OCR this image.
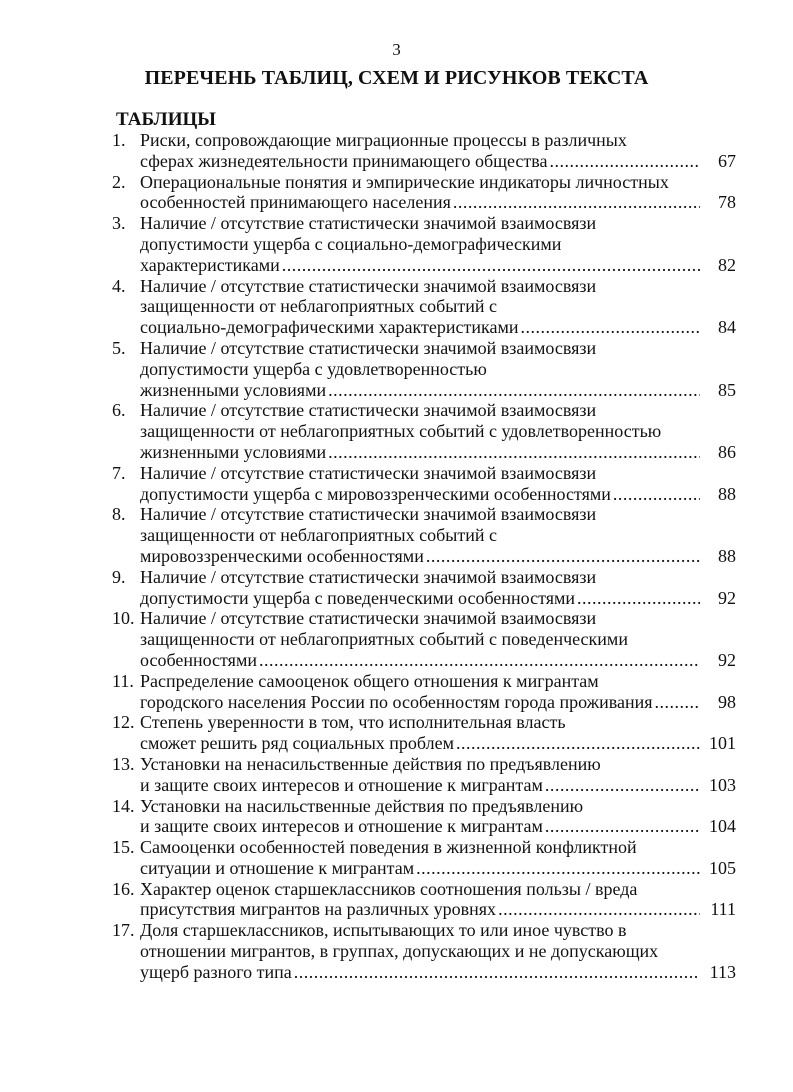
3
ПЕРЕЧЕНЬ ТАБЛИЦ, СХЕМ И РИСУНКОВ ТЕКСТА
ТАБЛИЦЫ
1. Риски, сопровождающие миграционные процессы в различных
сферах жизнедеятельности принимающего общества .....	67
2. Операциональные понятия и эмпирические индикаторы личностных
особенностей принимающего населения .....	78
3. Наличие / отсутствие статистически значимой взаимосвязи
допустимости ущерба с социально-демографическими
характеристиками .....	82
4. Наличие / отсутствие статистически значимой взаимосвязи
защищенности от неблагоприятных событий с
социально-демографическими характеристиками .....	84
5. Наличие / отсутствие статистически значимой взаимосвязи
допустимости ущерба с удовлетворенностью
жизненными условиями .....	85
6. Наличие / отсутствие статистически значимой взаимосвязи
защищенности от неблагоприятных событий с удовлетворенностью
жизненными условиями .....	86
7. Наличие / отсутствие статистически значимой взаимосвязи
допустимости ущерба с мировоззренческими особенностями .....	88
8. Наличие / отсутствие статистически значимой взаимосвязи
защищенности от неблагоприятных событий с
мировоззренческими особенностями .....	88
9. Наличие / отсутствие статистически значимой взаимосвязи
допустимости ущерба с поведенческими особенностями .....	92
10. Наличие / отсутствие статистически значимой взаимосвязи
защищенности от неблагоприятных событий с поведенческими
особенностями .....	92
11. Распределение самооценок общего отношения к мигрантам
городского населения России по особенностям города проживания .....	98
12. Степень уверенности в том, что исполнительная власть
сможет решить ряд социальных проблем .....	101
13. Установки на ненасильственные действия по предъявлению
и защите своих интересов и отношение к мигрантам .....	103
14. Установки на насильственные действия по предъявлению
и защите своих интересов и отношение к мигрантам .....	104
15. Самооценки особенностей поведения в жизненной конфликтной
ситуации и отношение к мигрантам .....	105
16. Характер оценок старшеклассников соотношения пользы / вреда
присутствия мигрантов на различных уровнях .....	111
17. Доля старшеклассников, испытывающих то или иное чувство в
отношении мигрантов, в группах, допускающих и не допускающих
ущерб разного типа .....	113
